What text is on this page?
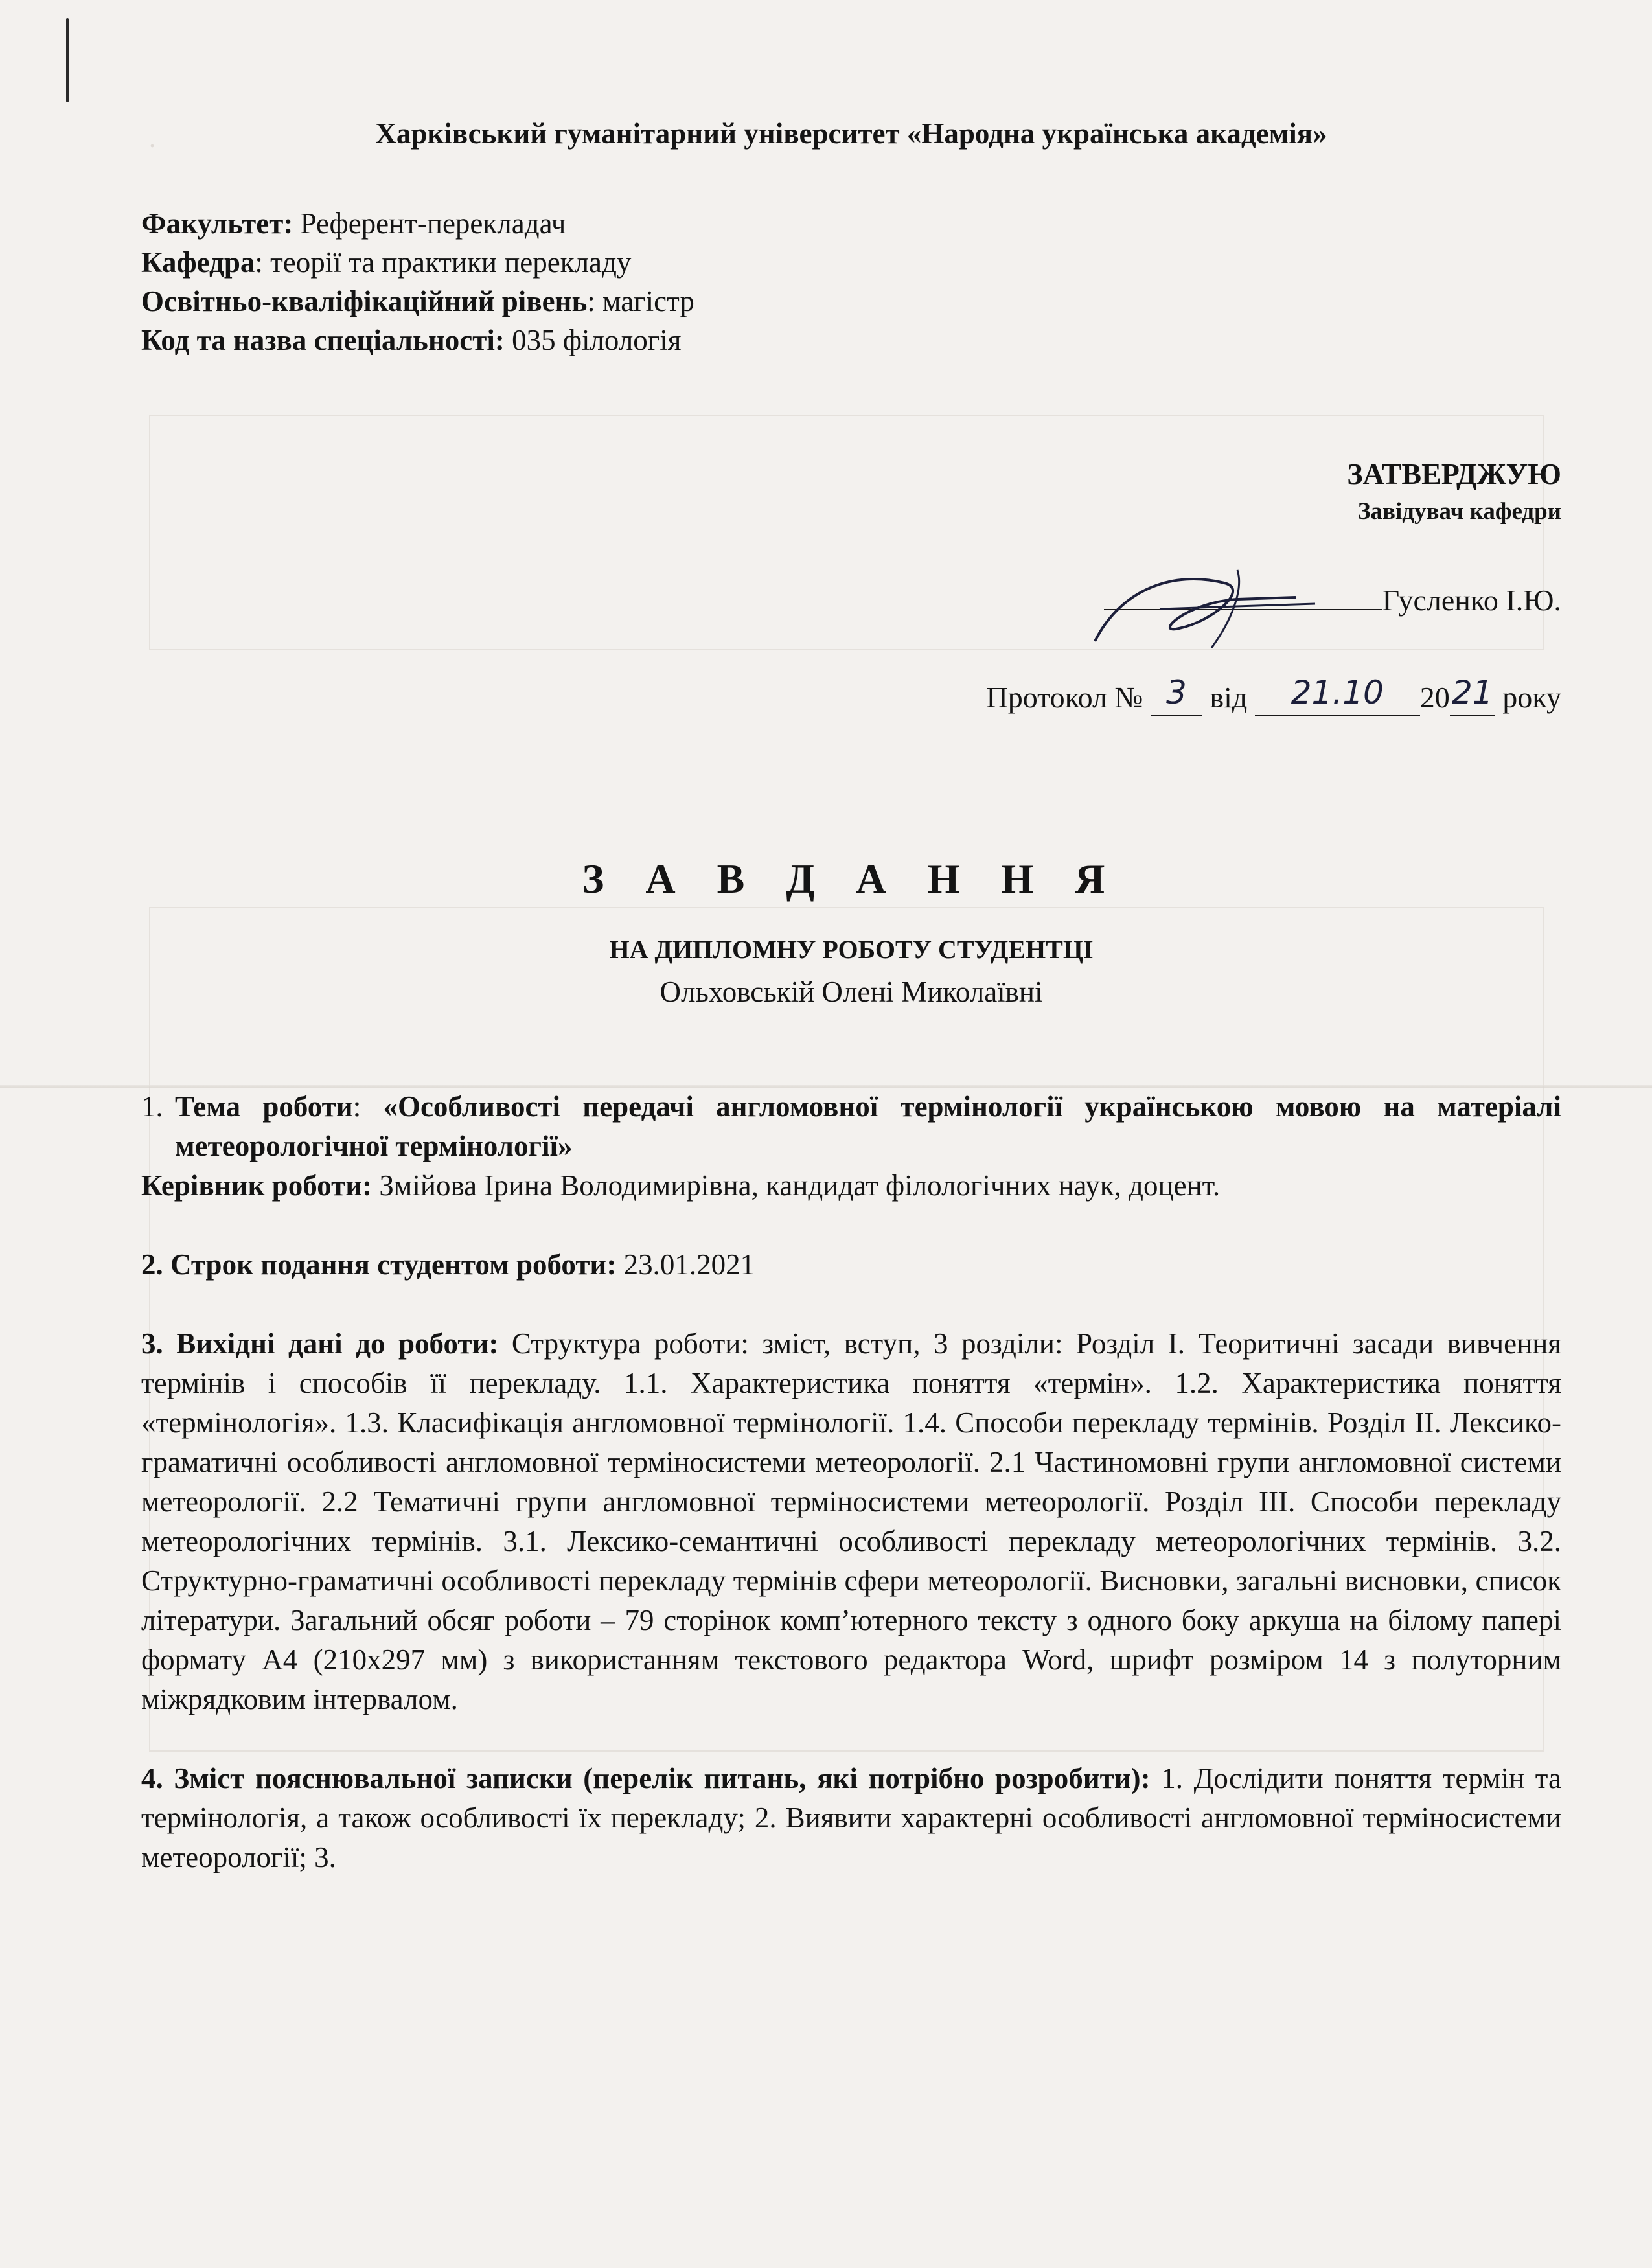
.	Харківський гуманітарний університет «Народна українська академія»
Факультет: Референт-перекладач
Кафедра: теорії та практики перекладу
Освітньо-кваліфікаційний рівень: магістр
Код та назва спеціальності: 035 філологія
ЗАТВЕРДЖУЮ
Завідувач кафедри
Гусленко І.Ю.
Протокол № 3 від 21.10 2021 року
З А В Д А Н Н Я
НА ДИПЛОМНУ РОБОТУ СТУДЕНТЦІ
Ольховській Олені Миколаївні
1. Тема роботи: «Особливості передачі англомовної термінології українською мовою на матеріалі метеорологічної термінології»
Керівник роботи: Змійова Ірина Володимирівна, кандидат філологічних наук, доцент.
2. Строк подання студентом роботи: 23.01.2021
3. Вихідні дані до роботи: Структура роботи: зміст, вступ, 3 розділи: Розділ І. Теоритичні засади вивчення термінів і способів її перекладу. 1.1. Характеристика поняття «термін». 1.2. Характеристика поняття «термінологія». 1.3. Класифікація англомовної термінології. 1.4. Способи перекладу термінів. Розділ ІІ. Лексико-граматичні особливості англомовної терміносистеми метеорології. 2.1 Частиномовні групи англомовної системи метеорології. 2.2 Тематичні групи англомовної терміносистеми метеорології. Розділ ІІІ. Способи перекладу метеорологічних термінів. 3.1. Лексико-семантичні особливості перекладу метеорологічних термінів. 3.2. Структурно-граматичні особливості перекладу термінів сфери метеорології. Висновки, загальні висновки, список літератури. Загальний обсяг роботи – 79 сторінок комп’ютерного тексту з одного боку аркуша на білому папері формату А4 (210х297 мм) з використанням текстового редактора Word, шрифт розміром 14 з полуторним міжрядковим інтервалом.
4. Зміст пояснювальної записки (перелік питань, які потрібно розробити): 1. Дослідити поняття термін та термінологія, а також особливості їх перекладу; 2. Виявити характерні особливості англомовної терміносистеми метеорології; 3.
